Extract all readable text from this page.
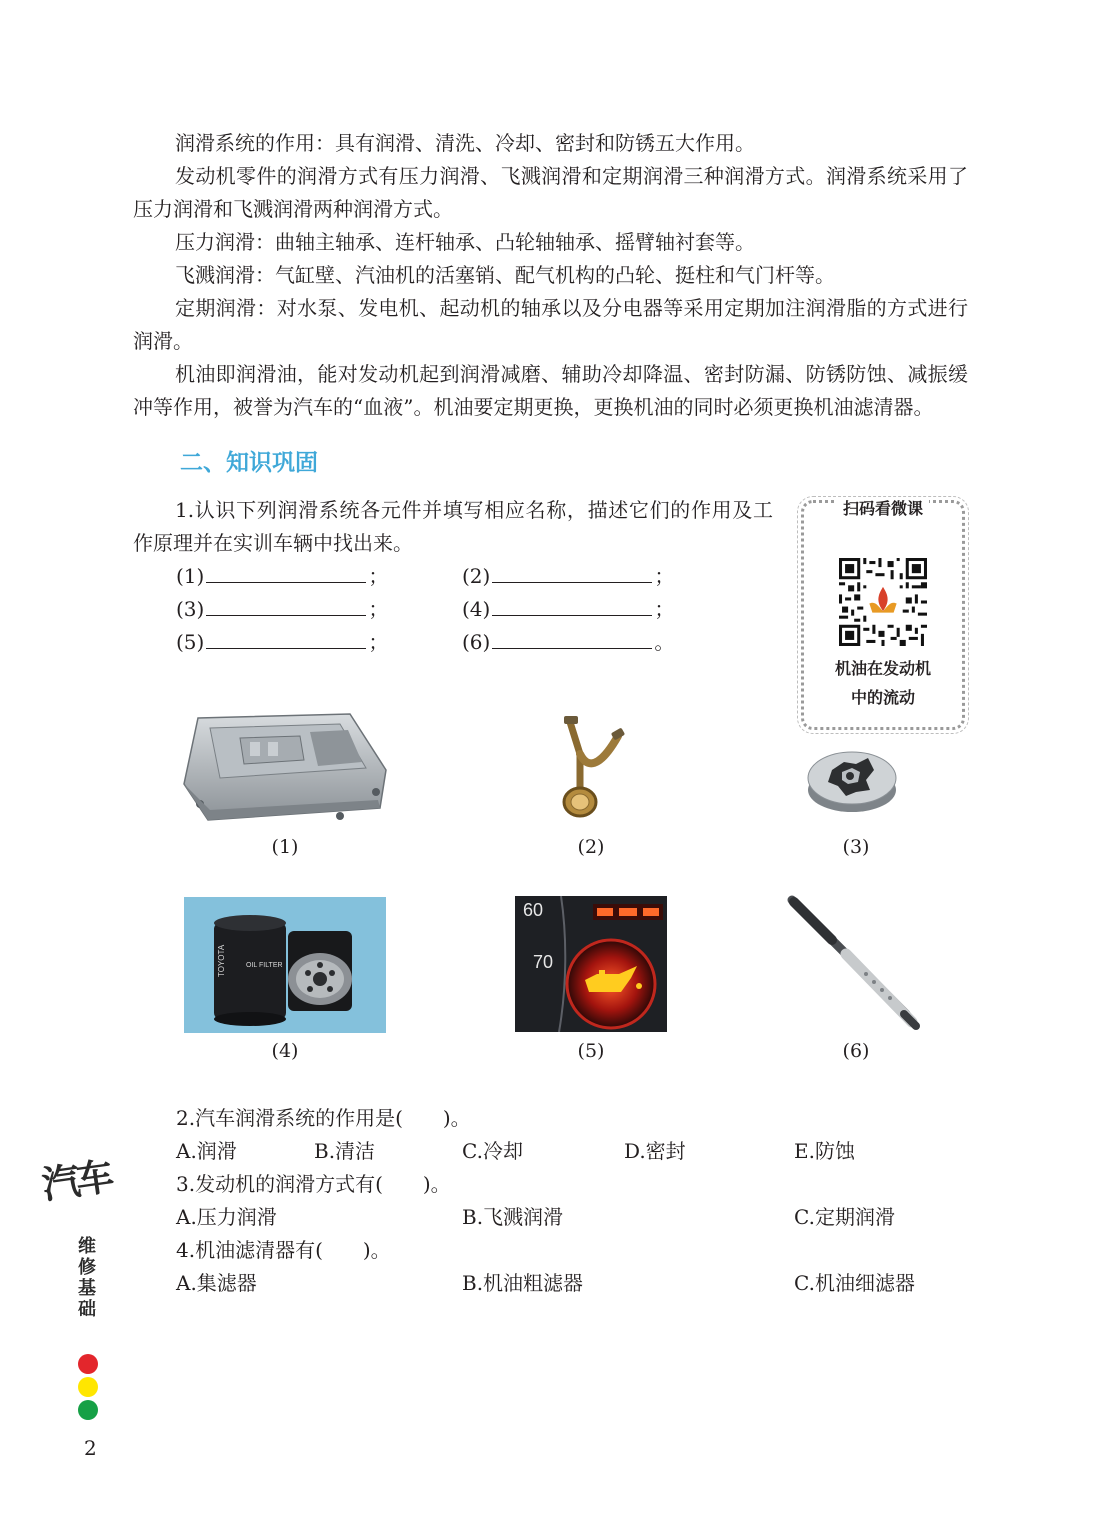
润滑系统的作用：具有润滑、清洗、冷却、密封和防锈五大作用。

发动机零件的润滑方式有压力润滑、飞溅润滑和定期润滑三种润滑方式。润滑系统采用了压力润滑和飞溅润滑两种润滑方式。

压力润滑：曲轴主轴承、连杆轴承、凸轮轴轴承、摇臂轴衬套等。

飞溅润滑：气缸壁、汽油机的活塞销、配气机构的凸轮、挺柱和气门杆等。

定期润滑：对水泵、发电机、起动机的轴承以及分电器等采用定期加注润滑脂的方式进行润滑。

机油即润滑油，能对发动机起到润滑减磨、辅助冷却降温、密封防漏、防锈防蚀、减振缓冲等作用，被誉为汽车的“血液”。机油要定期更换，更换机油的同时必须更换机油滤清器。

二、知识巩固

1.认识下列润滑系统各元件并填写相应名称，描述它们的作用及工作原理并在实训车辆中找出来。

(1)	；	(2)	；
(3)	；	(4)	；
(5)	；	(6)	。
扫码看微课
机油在发动机
中的流动
(1)	(2)	(3)
TOYOTA	OIL FILTER
(4)
60
70
(5)	(6)
2.汽车润滑系统的作用是(　　)。
A.润滑	B.清洁	C.冷却	D.密封	E.防蚀
3.发动机的润滑方式有(　　)。
A.压力润滑	B.飞溅润滑	C.定期润滑
4.机油滤清器有(　　)。
A.集滤器	B.机油粗滤器	C.机油细滤器
汽车
维修基础
2
